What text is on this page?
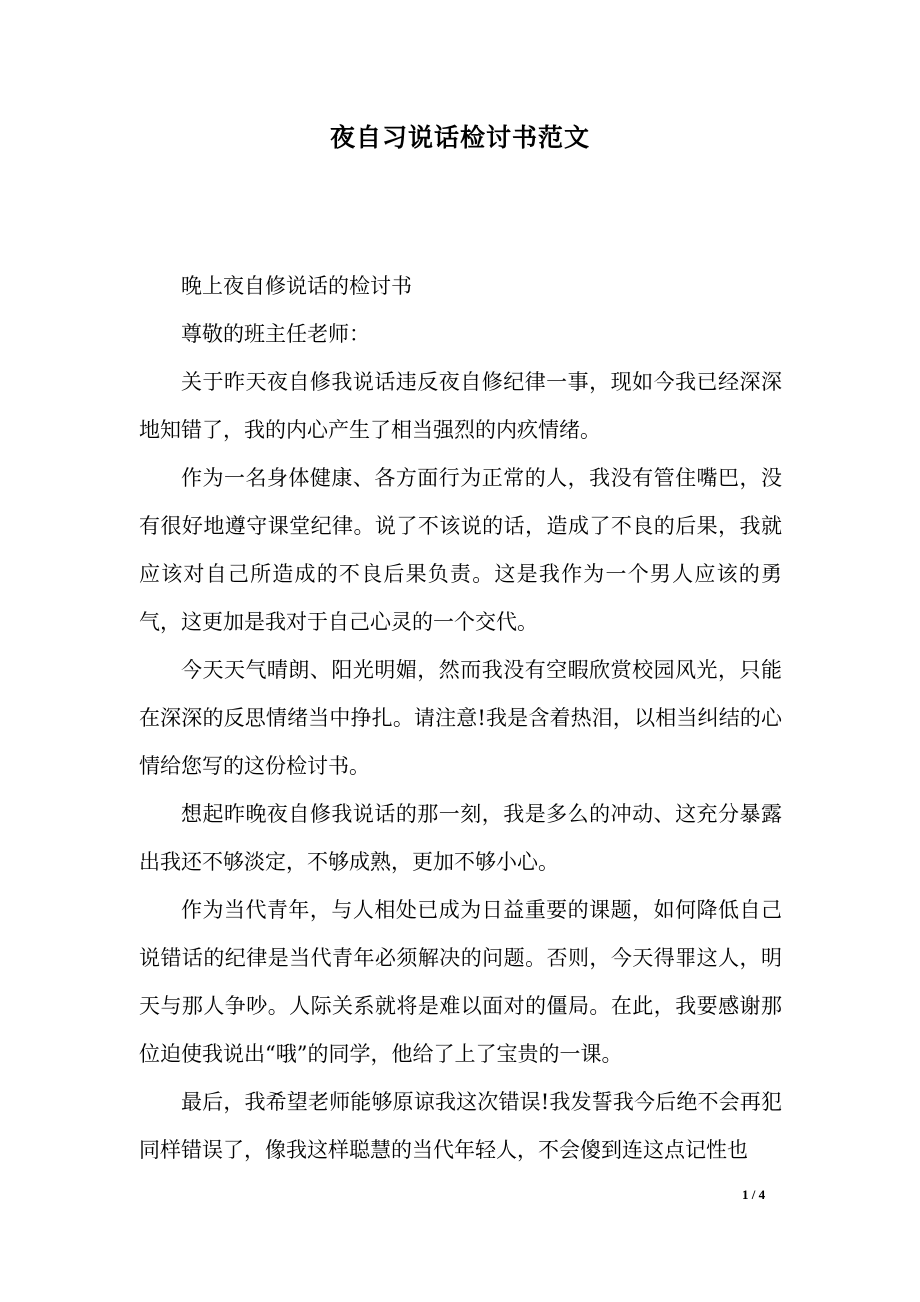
夜自习说话检讨书范文

晚上夜自修说话的检讨书

尊敬的班主任老师：

关于昨天夜自修我说话违反夜自修纪律一事，现如今我已经深深地知错了，我的内心产生了相当强烈的内疚情绪。

作为一名身体健康、各方面行为正常的人，我没有管住嘴巴，没有很好地遵守课堂纪律。说了不该说的话，造成了不良的后果，我就应该对自己所造成的不良后果负责。这是我作为一个男人应该的勇气，这更加是我对于自己心灵的一个交代。

今天天气晴朗、阳光明媚，然而我没有空暇欣赏校园风光，只能在深深的反思情绪当中挣扎。请注意!我是含着热泪，以相当纠结的心情给您写的这份检讨书。

想起昨晚夜自修我说话的那一刻，我是多么的冲动、这充分暴露出我还不够淡定，不够成熟，更加不够小心。

作为当代青年，与人相处已成为日益重要的课题，如何降低自己说错话的纪律是当代青年必须解决的问题。否则，今天得罪这人，明天与那人争吵。人际关系就将是难以面对的僵局。在此，我要感谢那位迫使我说出“哦”的同学，他给了上了宝贵的一课。

最后，我希望老师能够原谅我这次错误!我发誓我今后绝不会再犯同样错误了，像我这样聪慧的当代年轻人，不会傻到连这点记性也

1 / 4
